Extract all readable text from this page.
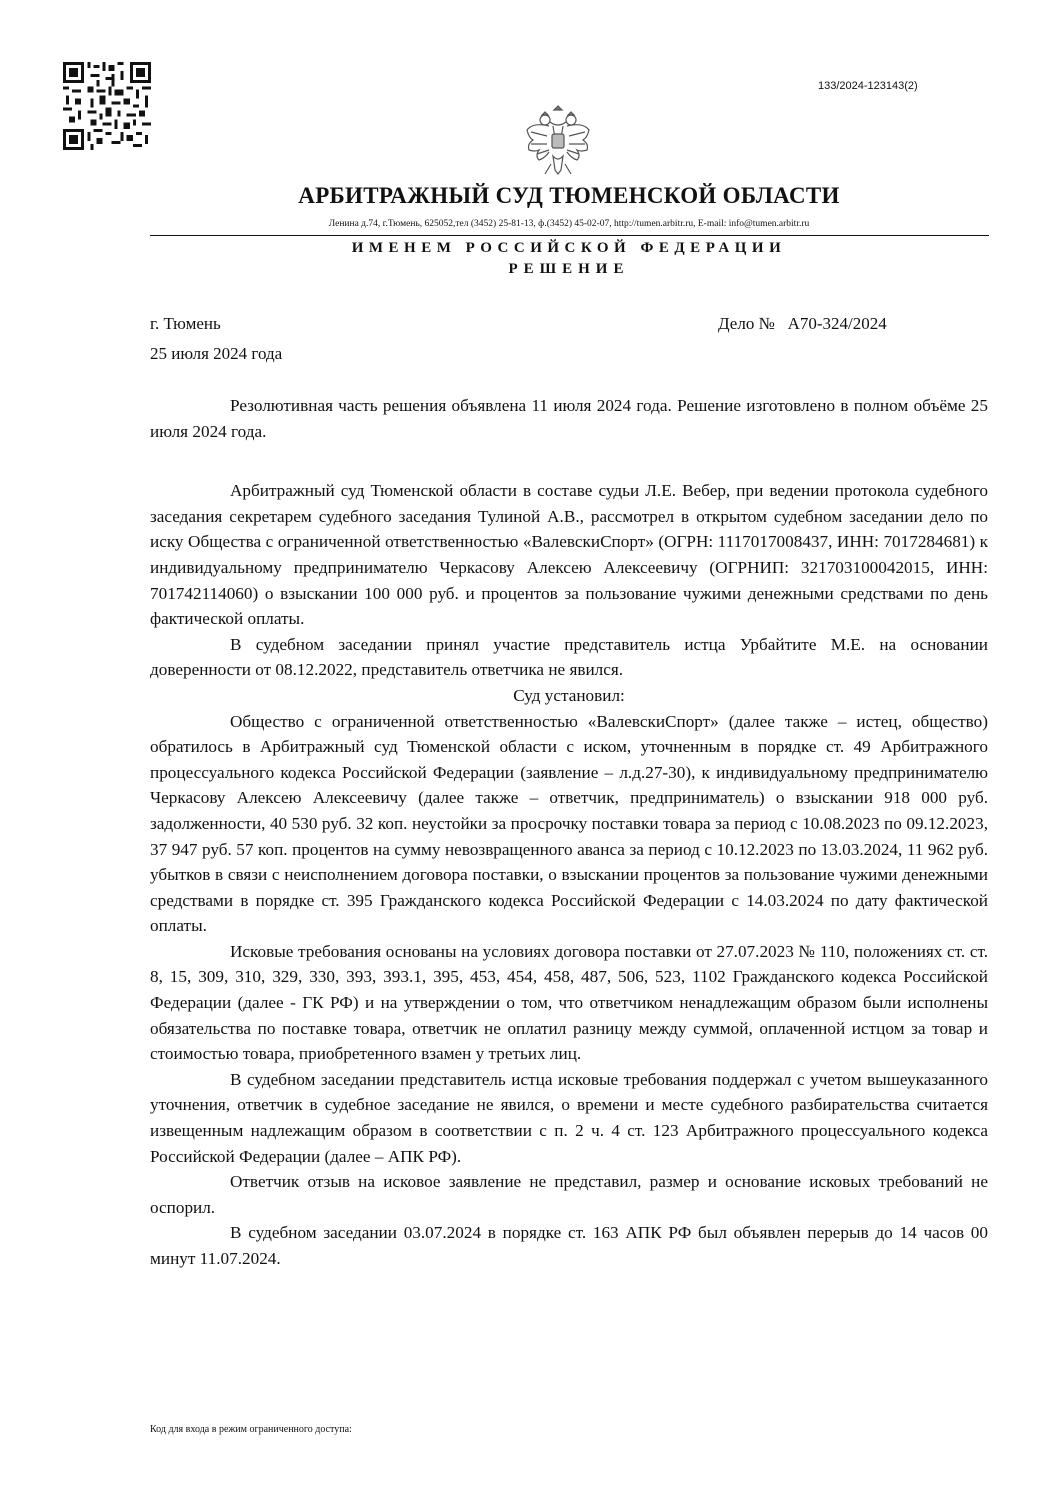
133/2024-123143(2)
АРБИТРАЖНЫЙ СУД ТЮМЕНСКОЙ ОБЛАСТИ
Ленина д.74, г.Тюмень, 625052,тел (3452) 25-81-13, ф.(3452) 45-02-07, http://tumen.arbitr.ru, E-mail: info@tumen.arbitr.ru
ИМЕНЕМ РОССИЙСКОЙ ФЕДЕРАЦИИ
РЕШЕНИЕ
г. Тюмень
25 июля 2024 года
Дело № А70-324/2024

Резолютивная часть решения объявлена 11 июля 2024 года. Решение изготовлено в полном объёме 25 июля 2024 года.

Арбитражный суд Тюменской области в составе судьи Л.Е. Вебер, при ведении протокола судебного заседания секретарем судебного заседания Тулиной А.В., рассмотрел в открытом судебном заседании дело по иску Общества с ограниченной ответственностью «ВалевскиСпорт» (ОГРН: 1117017008437, ИНН: 7017284681) к индивидуальному предпринимателю Черкасову Алексею Алексеевичу (ОГРНИП: 321703100042015, ИНН: 701742114060) о взыскании 100 000 руб. и процентов за пользование чужими денежными средствами по день фактической оплаты.

В судебном заседании принял участие представитель истца Урбайтите М.Е. на основании доверенности от 08.12.2022, представитель ответчика не явился.

Суд установил:

Общество с ограниченной ответственностью «ВалевскиСпорт» (далее также – истец, общество) обратилось в Арбитражный суд Тюменской области с иском, уточненным в порядке ст. 49 Арбитражного процессуального кодекса Российской Федерации (заявление – л.д.27-30), к индивидуальному предпринимателю Черкасову Алексею Алексеевичу (далее также – ответчик, предприниматель) о взыскании 918 000 руб. задолженности, 40 530 руб. 32 коп. неустойки за просрочку поставки товара за период с 10.08.2023 по 09.12.2023, 37 947 руб. 57 коп. процентов на сумму невозвращенного аванса за период с 10.12.2023 по 13.03.2024, 11 962 руб. убытков в связи с неисполнением договора поставки, о взыскании процентов за пользование чужими денежными средствами в порядке ст. 395 Гражданского кодекса Российской Федерации с 14.03.2024 по дату фактической оплаты.

Исковые требования основаны на условиях договора поставки от 27.07.2023 № 110, положениях ст. ст. 8, 15, 309, 310, 329, 330, 393, 393.1, 395, 453, 454, 458, 487, 506, 523, 1102 Гражданского кодекса Российской Федерации (далее - ГК РФ) и на утверждении о том, что ответчиком ненадлежащим образом были исполнены обязательства по поставке товара, ответчик не оплатил разницу между суммой, оплаченной истцом за товар и стоимостью товара, приобретенного взамен у третьих лиц.

В судебном заседании представитель истца исковые требования поддержал с учетом вышеуказанного уточнения, ответчик в судебное заседание не явился, о времени и месте судебного разбирательства считается извещенным надлежащим образом в соответствии с п. 2 ч. 4 ст. 123 Арбитражного процессуального кодекса Российской Федерации (далее – АПК РФ).

Ответчик отзыв на исковое заявление не представил, размер и основание исковых требований не оспорил.

В судебном заседании 03.07.2024 в порядке ст. 163 АПК РФ был объявлен перерыв до 14 часов 00 минут 11.07.2024.

Код для входа в режим ограниченного доступа:
